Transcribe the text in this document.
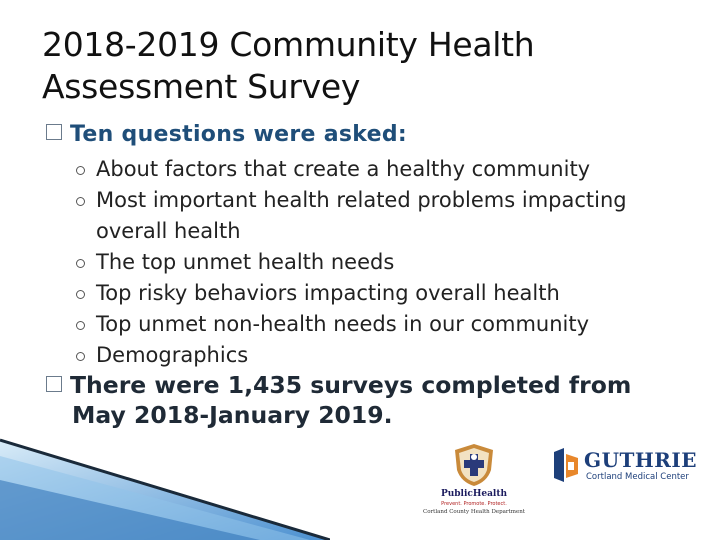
2018-2019 Community Health
Assessment Survey
Ten questions were asked:
About factors that create a healthy community
Most important health related problems impacting overall health
The top unmet health needs
Top risky behaviors impacting overall health
Top unmet non-health needs in our community
Demographics
There were 1,435 surveys completed from
May 2018-January 2019.
PublicHealth
Prevent. Promote. Protect.
Cortland County Health Department
GUTHRIE
Cortland Medical Center
